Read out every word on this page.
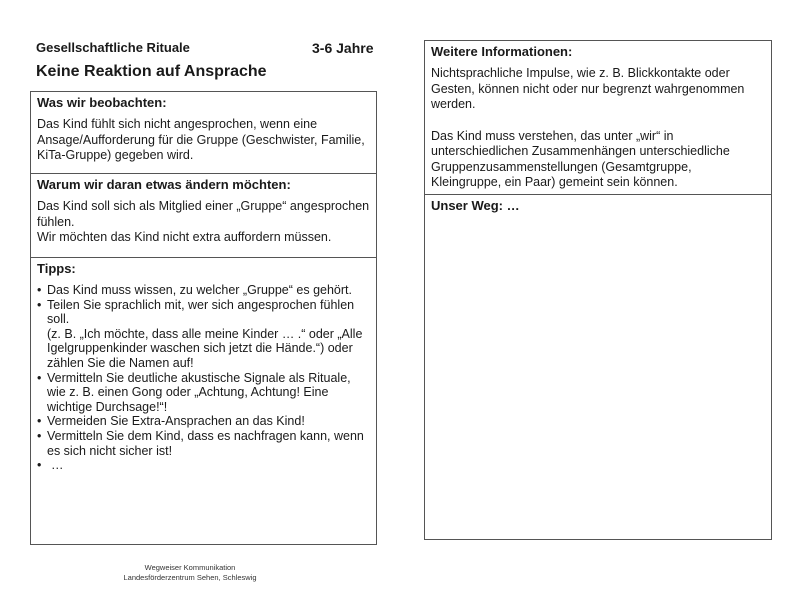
Gesellschaftliche Rituale	3-6 Jahre
Keine Reaktion auf Ansprache
Was wir beobachten:

Das Kind fühlt sich nicht angesprochen, wenn eine Ansage/Aufforderung für die Gruppe (Geschwister, Familie, KiTa-Gruppe) gegeben wird.

Warum wir daran etwas ändern möchten:

Das Kind soll sich als Mitglied einer „Gruppe“ angesprochen fühlen.

Wir möchten das Kind nicht extra auffordern müssen.

Tipps:
• Das Kind muss wissen, zu welcher „Gruppe“ es gehört.
• Teilen Sie sprachlich mit, wer sich angesprochen fühlen soll.
(z. B. „Ich möchte, dass alle meine Kinder … .“ oder „Alle Igelgruppenkinder waschen sich jetzt die Hände.“) oder zählen Sie die Namen auf!
• Vermitteln Sie deutliche akustische Signale als Rituale, wie z. B. einen Gong oder „Achtung, Achtung! Eine wichtige Durchsage!“!
• Vermeiden Sie Extra-Ansprachen an das Kind!
• Vermitteln Sie dem Kind, dass es nachfragen kann, wenn es sich nicht sicher ist!
• …
Weitere Informationen:

Nichtsprachliche Impulse, wie z. B. Blickkontakte oder Gesten, können nicht oder nur begrenzt wahrgenommen werden.

Das Kind muss verstehen, das unter „wir“ in unterschiedlichen Zusammenhängen unterschiedliche Gruppenzusammenstellungen (Gesamtgruppe, Kleingruppe, ein Paar) gemeint sein können.

Unser Weg: …
Wegweiser Kommunikation
Landesförderzentrum Sehen, Schleswig
